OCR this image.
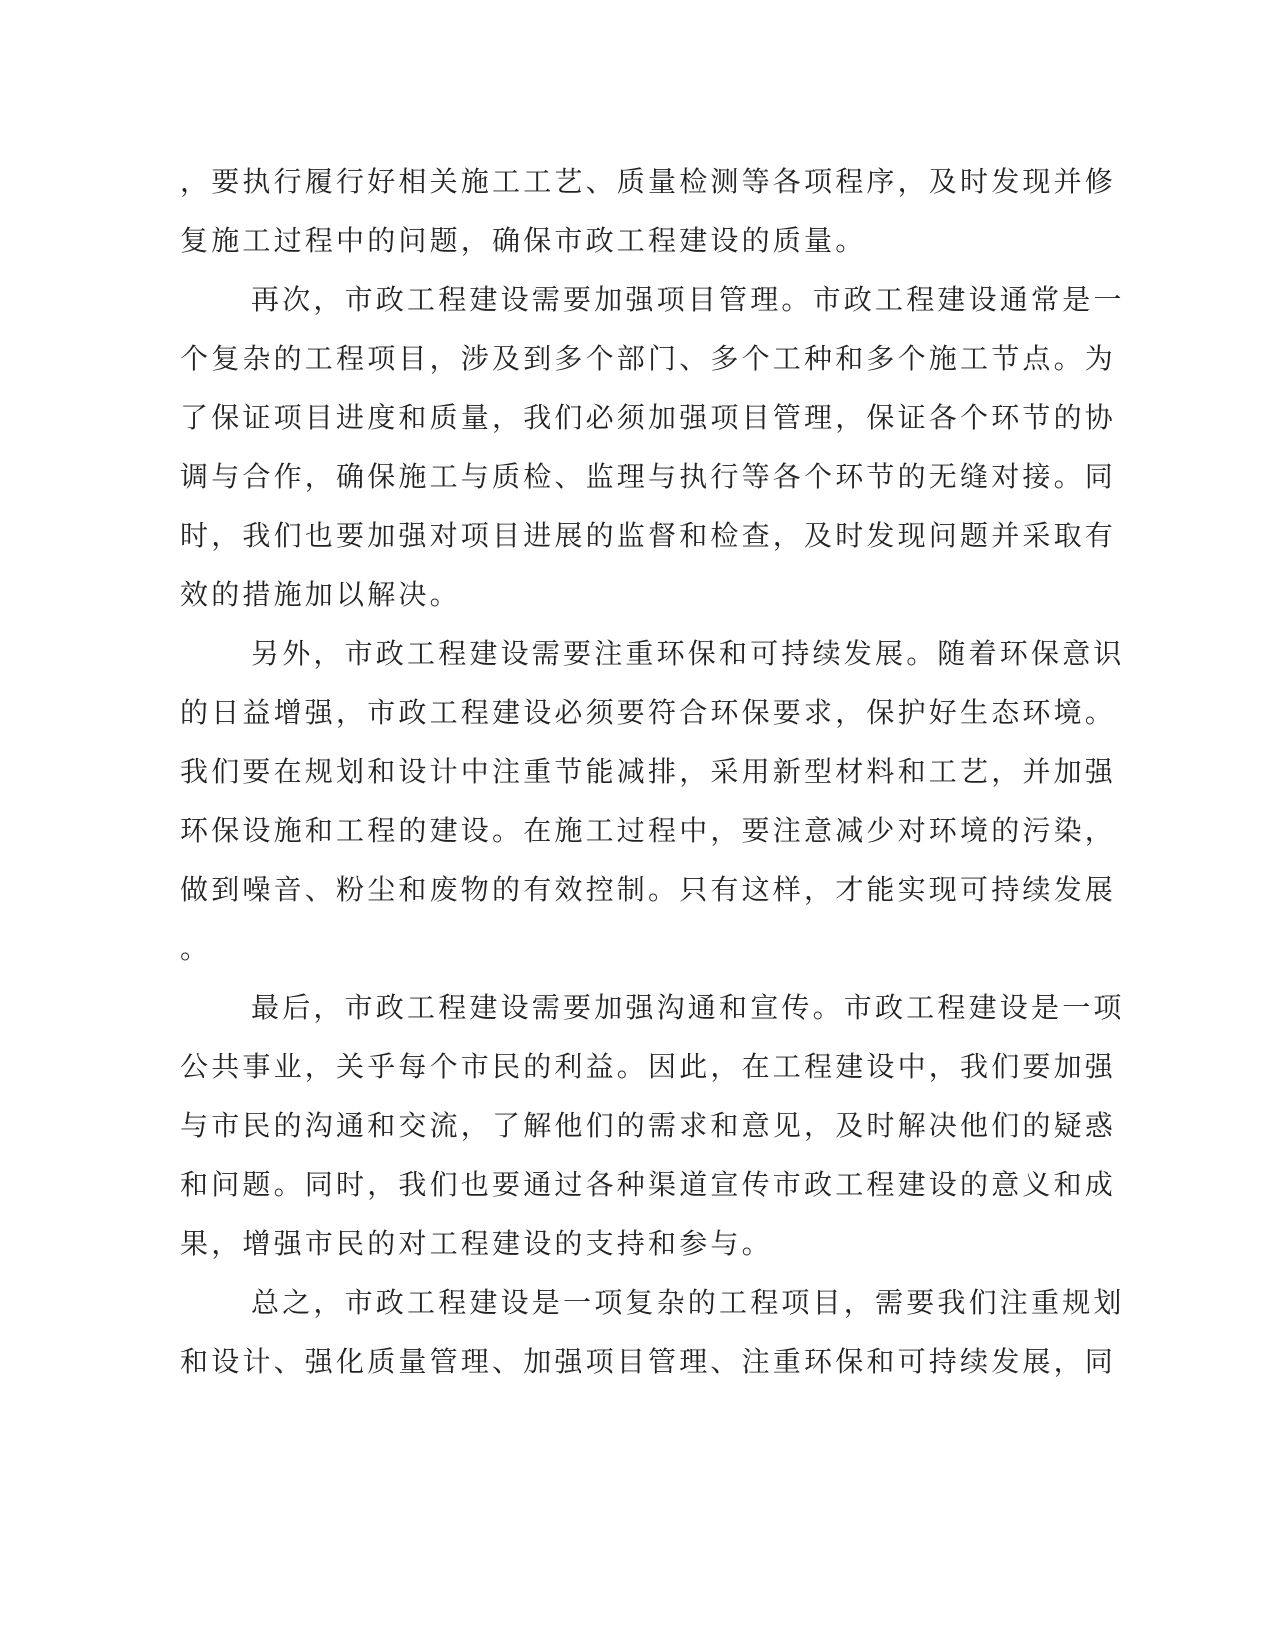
，要执行履行好相关施工工艺、质量检测等各项程序，及时发现并修
复施工过程中的问题，确保市政工程建设的质量。
再次，市政工程建设需要加强项目管理。市政工程建设通常是一
个复杂的工程项目，涉及到多个部门、多个工种和多个施工节点。为
了保证项目进度和质量，我们必须加强项目管理，保证各个环节的协
调与合作，确保施工与质检、监理与执行等各个环节的无缝对接。同
时，我们也要加强对项目进展的监督和检查，及时发现问题并采取有
效的措施加以解决。
另外，市政工程建设需要注重环保和可持续发展。随着环保意识
的日益增强，市政工程建设必须要符合环保要求，保护好生态环境。
我们要在规划和设计中注重节能减排，采用新型材料和工艺，并加强
环保设施和工程的建设。在施工过程中，要注意减少对环境的污染，
做到噪音、粉尘和废物的有效控制。只有这样，才能实现可持续发展
。
最后，市政工程建设需要加强沟通和宣传。市政工程建设是一项
公共事业，关乎每个市民的利益。因此，在工程建设中，我们要加强
与市民的沟通和交流，了解他们的需求和意见，及时解决他们的疑惑
和问题。同时，我们也要通过各种渠道宣传市政工程建设的意义和成
果，增强市民的对工程建设的支持和参与。
总之，市政工程建设是一项复杂的工程项目，需要我们注重规划
和设计、强化质量管理、加强项目管理、注重环保和可持续发展，同
